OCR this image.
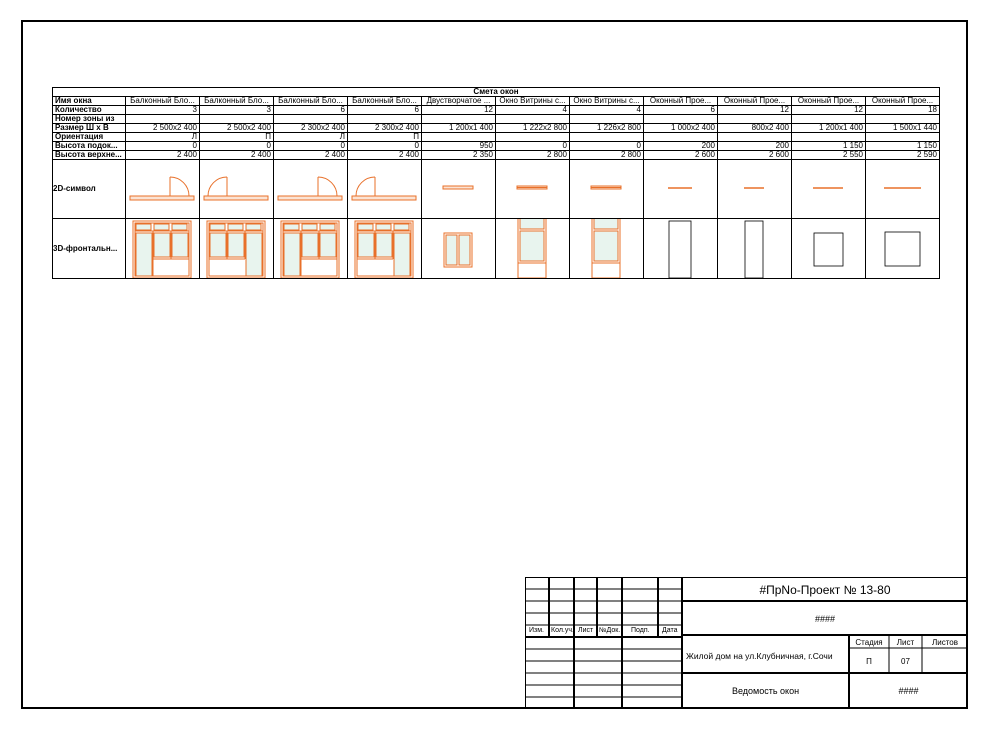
Смета окон											
Имя окна	Балконный Бло...	Балконный Бло...	Балконный Бло...	Балконный Бло...	Двустворчатое ...	Окно Витрины с...	Окно Витрины с...	Оконный Прое...	Оконный Прое...	Оконный Прое...	Оконный Прое...
Количество	3	3	6	6	12	4	4	6	12	12	18
Номер зоны из											
Размер Ш x В	2 500x2 400	2 500x2 400	2 300x2 400	2 300x2 400	1 200x1 400	1 222x2 800	1 226x2 800	1 000x2 400	800x2 400	1 200x1 400	1 500x1 440
Ориентация	Л	П	Л	П							
Высота подок...	0	0	0	0	950	0	0	200	200	1 150	1 150
Высота верхне...	2 400	2 400	2 400	2 400	2 350	2 800	2 800	2 600	2 600	2 550	2 590
2D-символ	

3D-фронтальн...	

Изм. Кол.уч. Лист №Док. Подп. Дата
#ПрNo-Проект № 13-80
####
Жилой дом на ул.Клубничная, г.Сочи
Стадия	Лист	Листов
П	07
Ведомость окон	####
